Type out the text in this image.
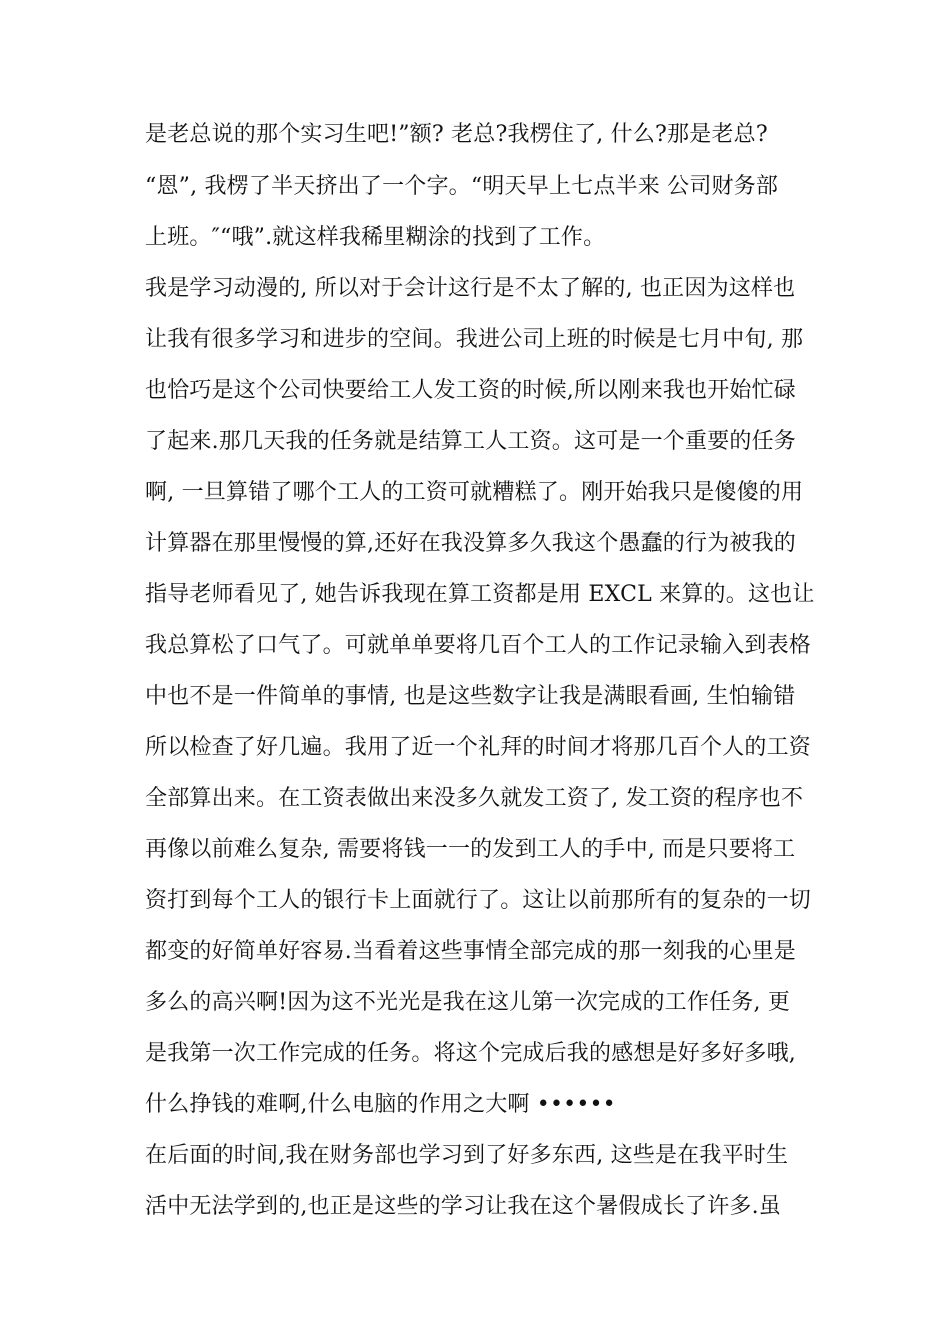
是老总说的那个实习生吧!”额? 老总?我楞住了, 什么?那是老总?
“恩”, 我楞了半天挤出了一个字。“明天早上七点半来 公司财务部
上班。″“哦”.就这样我稀里糊涂的找到了工作。
我是学习动漫的, 所以对于会计这行是不太了解的, 也正因为这样也
让我有很多学习和进步的空间。我进公司上班的时候是七月中旬, 那
也恰巧是这个公司快要给工人发工资的时候,所以刚来我也开始忙碌
了起来.那几天我的任务就是结算工人工资。这可是一个重要的任务
啊, 一旦算错了哪个工人的工资可就糟糕了。刚开始我只是傻傻的用
计算器在那里慢慢的算,还好在我没算多久我这个愚蠢的行为被我的
指导老师看见了, 她告诉我现在算工资都是用 EXCL 来算的。这也让
我总算松了口气了。可就单单要将几百个工人的工作记录输入到表格
中也不是一件简单的事情, 也是这些数字让我是满眼看画, 生怕输错
所以检查了好几遍。我用了近一个礼拜的时间才将那几百个人的工资
全部算出来。在工资表做出来没多久就发工资了, 发工资的程序也不
再像以前难么复杂, 需要将钱一一的发到工人的手中, 而是只要将工
资打到每个工人的银行卡上面就行了。这让以前那所有的复杂的一切
都变的好简单好容易.当看着这些事情全部完成的那一刻我的心里是
多么的高兴啊!因为这不光光是我在这儿第一次完成的工作任务, 更
是我第一次工作完成的任务。将这个完成后我的感想是好多好多哦,
什么挣钱的难啊,什么电脑的作用之大啊 ••••••
在后面的时间,我在财务部也学习到了好多东西, 这些是在我平时生
活中无法学到的,也正是这些的学习让我在这个暑假成长了许多.虽
